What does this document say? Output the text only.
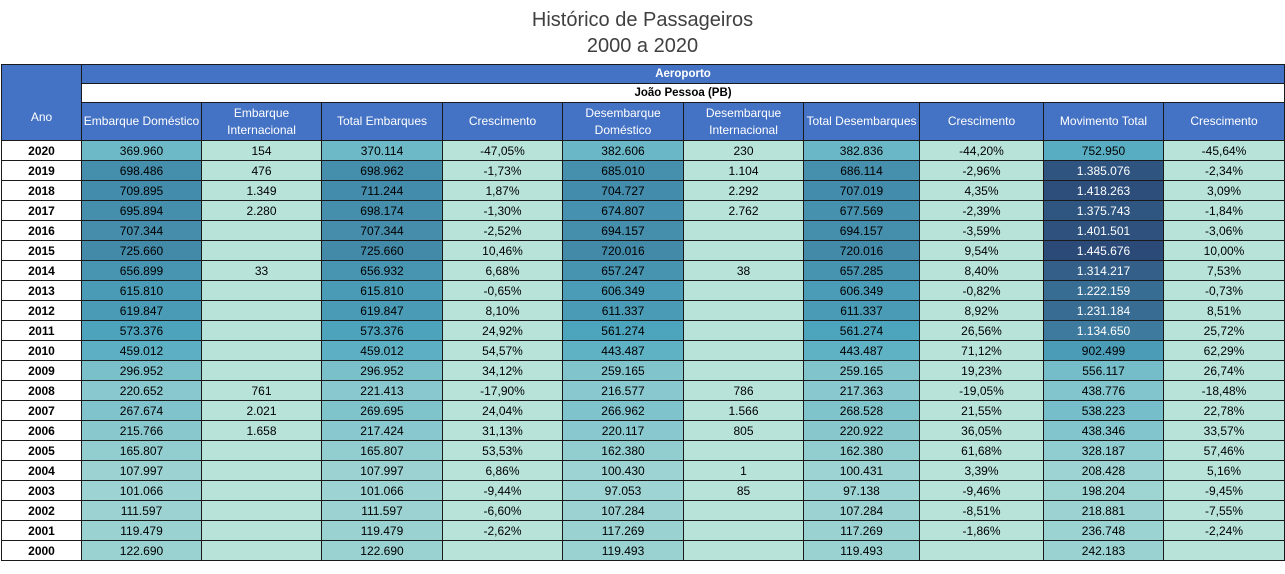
Histórico de Passageiros
2000 a 2020
Ano	Aeroporto									
	João Pessoa (PB)									
	Embarque Doméstico	Embarque Internacional	Total Embarques	Crescimento	Desembarque Doméstico	Desembarque Internacional	Total Desembarques	Crescimento	Movimento Total	Crescimento
2020	369.960	154	370.114	-47,05%	382.606	230	382.836	-44,20%	752.950	-45,64%
2019	698.486	476	698.962	-1,73%	685.010	1.104	686.114	-2,96%	1.385.076	-2,34%
2018	709.895	1.349	711.244	1,87%	704.727	2.292	707.019	4,35%	1.418.263	3,09%
2017	695.894	2.280	698.174	-1,30%	674.807	2.762	677.569	-2,39%	1.375.743	-1,84%
2016	707.344		707.344	-2,52%	694.157		694.157	-3,59%	1.401.501	-3,06%
2015	725.660		725.660	10,46%	720.016		720.016	9,54%	1.445.676	10,00%
2014	656.899	33	656.932	6,68%	657.247	38	657.285	8,40%	1.314.217	7,53%
2013	615.810		615.810	-0,65%	606.349		606.349	-0,82%	1.222.159	-0,73%
2012	619.847		619.847	8,10%	611.337		611.337	8,92%	1.231.184	8,51%
2011	573.376		573.376	24,92%	561.274		561.274	26,56%	1.134.650	25,72%
2010	459.012		459.012	54,57%	443.487		443.487	71,12%	902.499	62,29%
2009	296.952		296.952	34,12%	259.165		259.165	19,23%	556.117	26,74%
2008	220.652	761	221.413	-17,90%	216.577	786	217.363	-19,05%	438.776	-18,48%
2007	267.674	2.021	269.695	24,04%	266.962	1.566	268.528	21,55%	538.223	22,78%
2006	215.766	1.658	217.424	31,13%	220.117	805	220.922	36,05%	438.346	33,57%
2005	165.807		165.807	53,53%	162.380		162.380	61,68%	328.187	57,46%
2004	107.997		107.997	6,86%	100.430	1	100.431	3,39%	208.428	5,16%
2003	101.066		101.066	-9,44%	97.053	85	97.138	-9,46%	198.204	-9,45%
2002	111.597		111.597	-6,60%	107.284		107.284	-8,51%	218.881	-7,55%
2001	119.479		119.479	-2,62%	117.269		117.269	-1,86%	236.748	-2,24%
2000	122.690		122.690		119.493		119.493		242.183	
